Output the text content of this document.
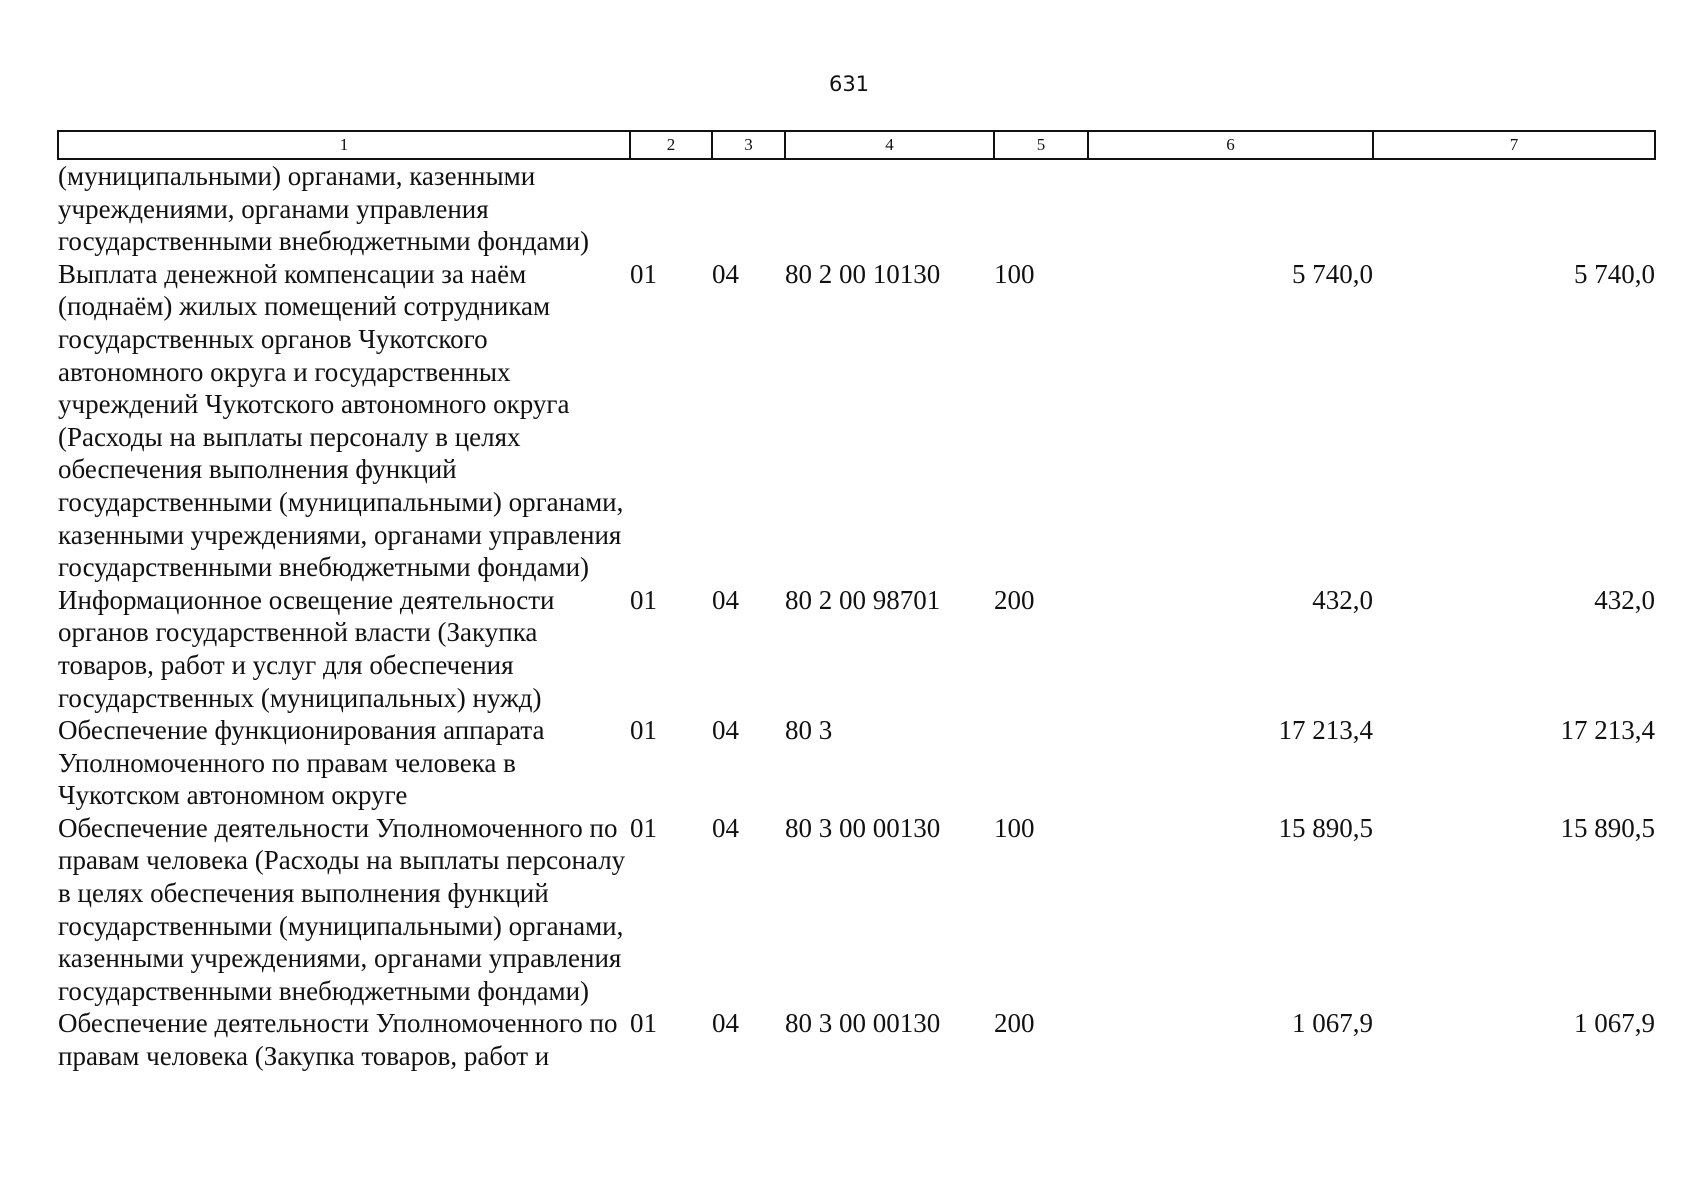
631
1	2	3	4	5	6	7
(муниципальными) органами, казенными учреждениями, органами управления государственными внебюджетными фондами)						
Выплата денежной компенсации за наём (поднаём) жилых помещений сотрудникам государственных органов Чукотского автономного округа и государственных учреждений Чукотского автономного округа (Расходы на выплаты персоналу в целях обеспечения выполнения функций государственными (муниципальными) органами, казенными учреждениями, органами управления государственными внебюджетными фондами)	01	04	80 2 00 10130	100	5 740,0	5 740,0
Информационное освещение деятельности органов государственной власти (Закупка товаров, работ и услуг для обеспечения государственных (муниципальных) нужд)	01	04	80 2 00 98701	200	432,0	432,0
Обеспечение функционирования аппарата Уполномоченного по правам человека в Чукотском автономном округе	01	04	80 3		17 213,4	17 213,4
Обеспечение деятельности Уполномоченного по правам человека (Расходы на выплаты персоналу в целях обеспечения выполнения функций государственными (муниципальными) органами, казенными учреждениями, органами управления государственными внебюджетными фондами)	01	04	80 3 00 00130	100	15 890,5	15 890,5
Обеспечение деятельности Уполномоченного по правам человека (Закупка товаров, работ и	01	04	80 3 00 00130	200	1 067,9	1 067,9
